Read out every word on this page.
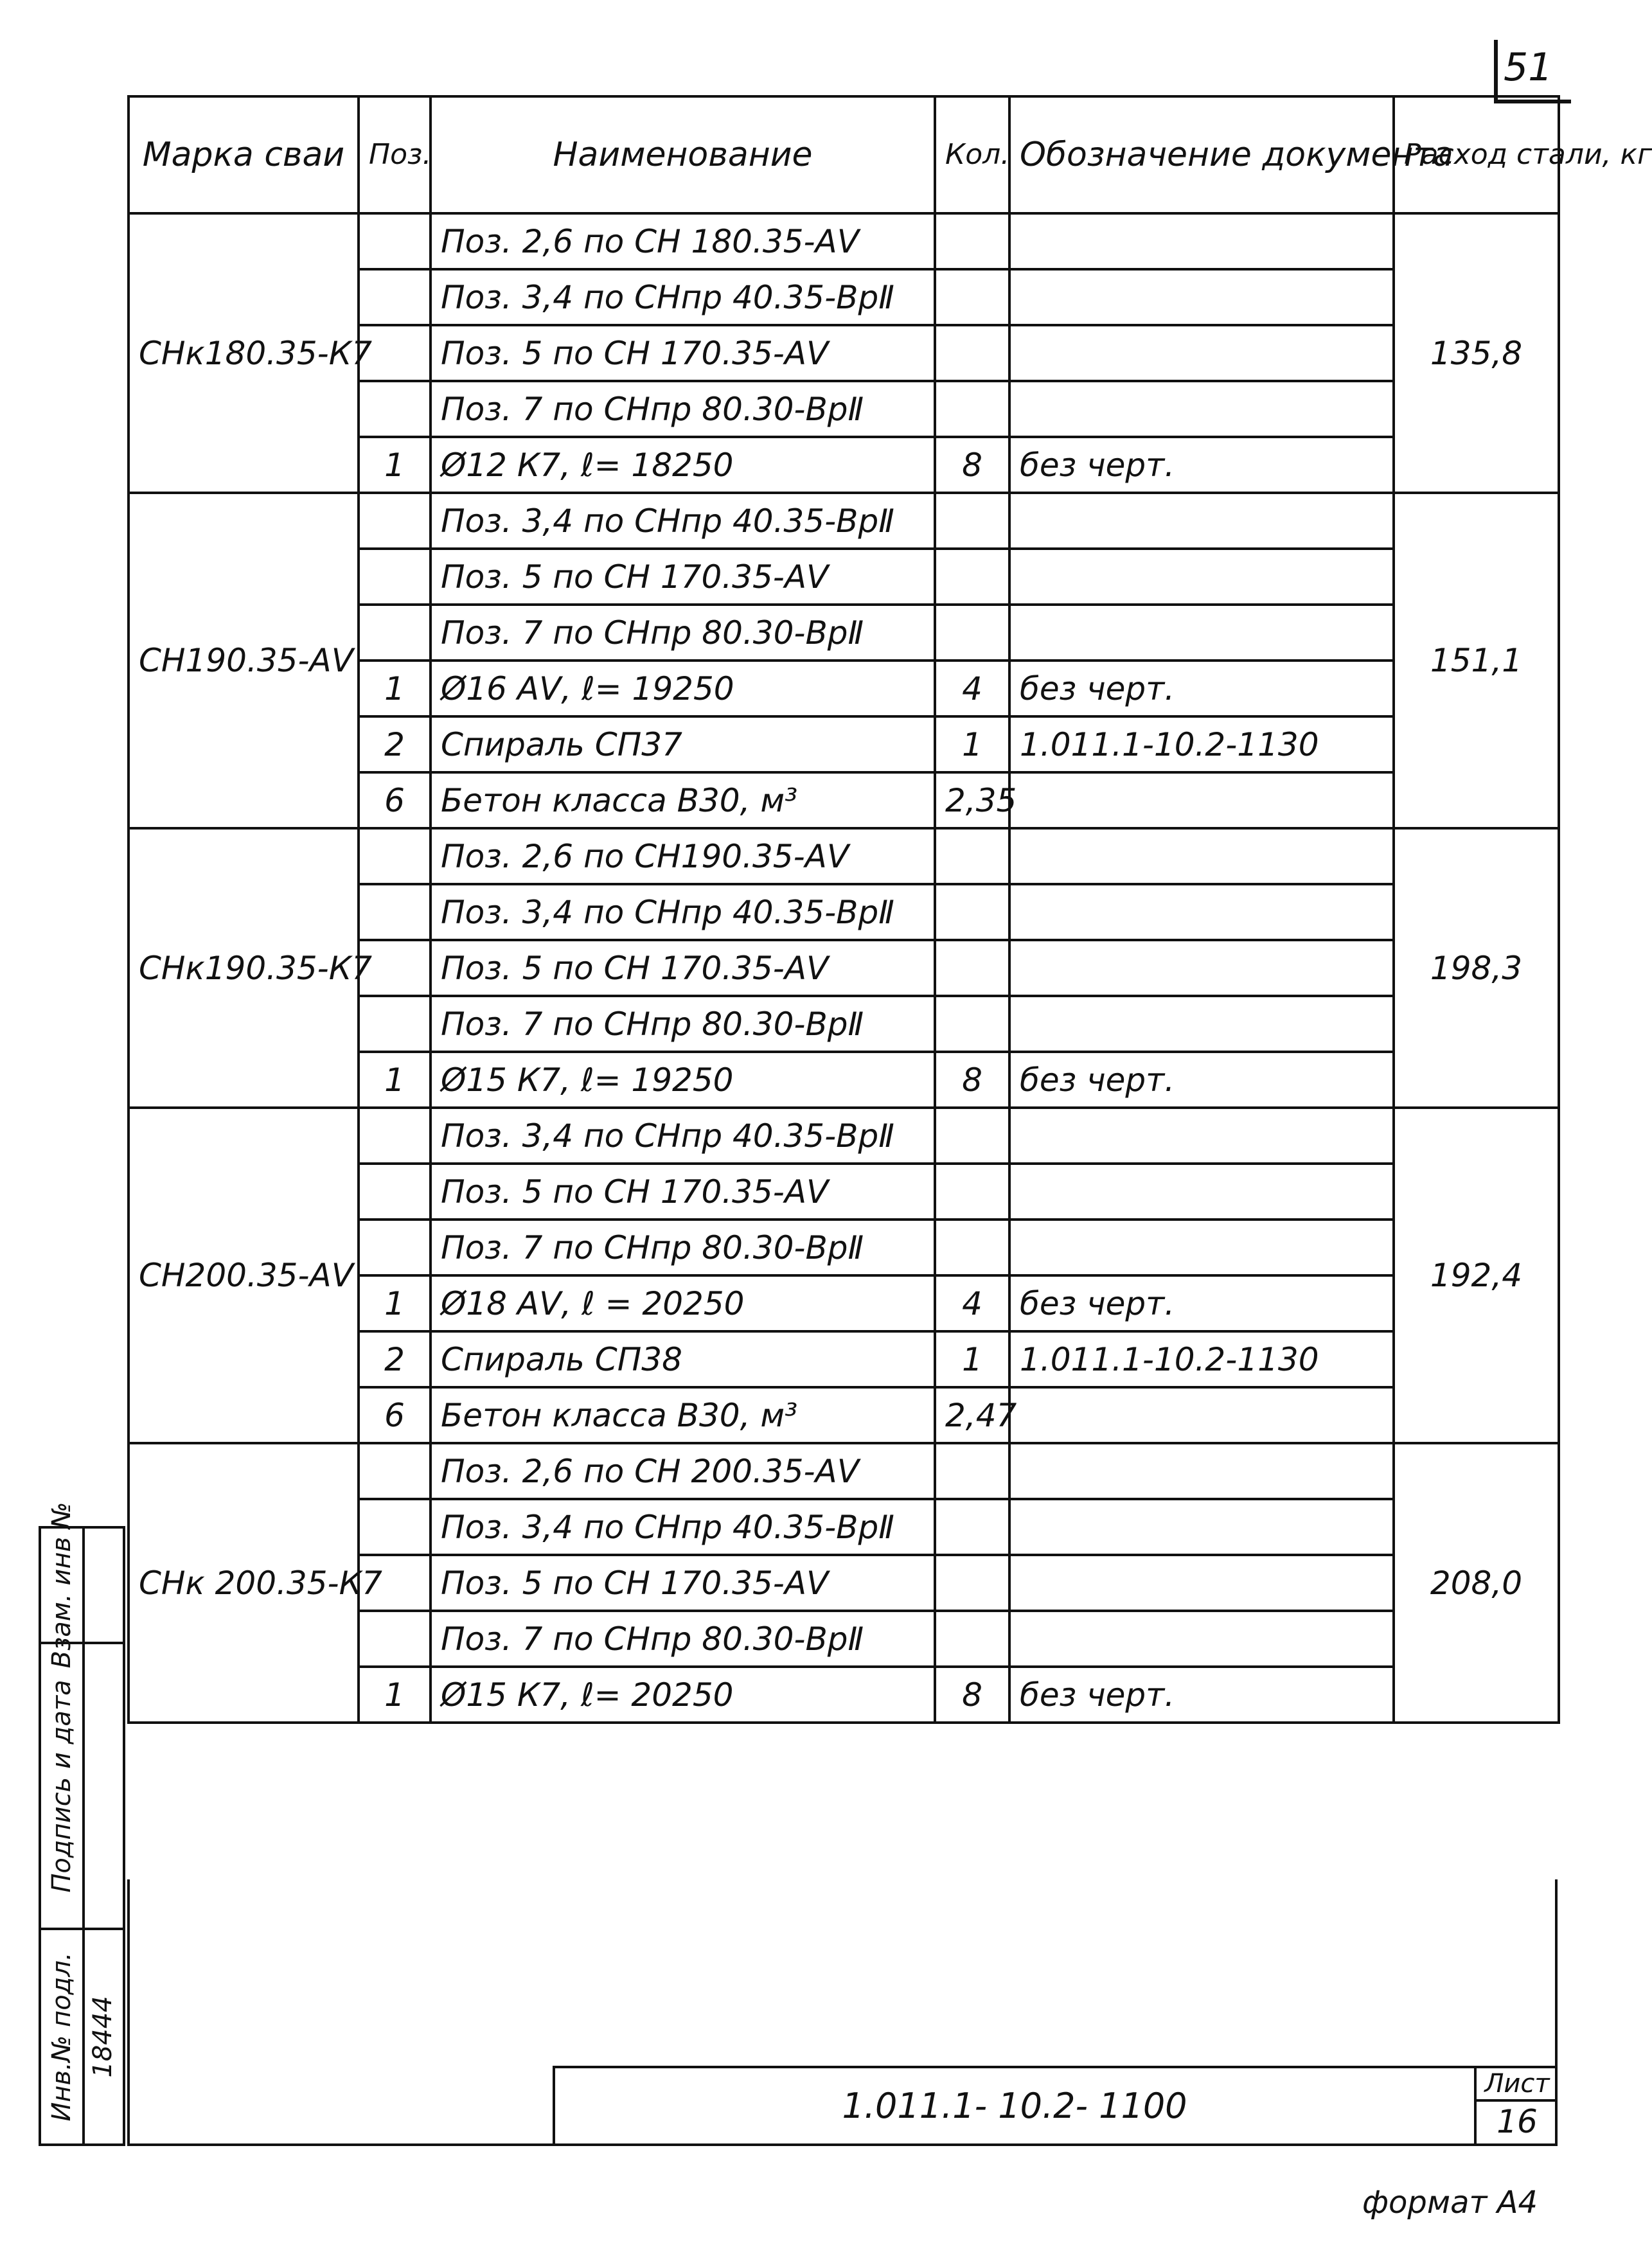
51
Марка сваи	Поз.	Наименование	Кол.	Обозначение документа	Расход стали, кг
СНк180.35-К7		Поз. 2,6 по СН 180.35-АⅤ			135,8
		Поз. 3,4 по СНпр 40.35-ВрⅡ			
		Поз. 5 по СН 170.35-АⅤ			
		Поз. 7 по СНпр 80.30-ВрⅡ			
	1	Ø12 К7, ℓ= 18250	8	без черт.	
СН190.35-АⅤ		Поз. 3,4 по СНпр 40.35-ВрⅡ			151,1
		Поз. 5 по СН 170.35-АⅤ			
		Поз. 7 по СНпр 80.30-ВрⅡ			
	1	Ø16 АⅤ, ℓ= 19250	4	без черт.	
	2	Спираль СП37	1	1.011.1-10.2-1130	
	6	Бетон класса В30, м³	2,35		
СНк190.35-К7		Поз. 2,6 по СН190.35-АⅤ			198,3
		Поз. 3,4 по СНпр 40.35-ВрⅡ			
		Поз. 5 по СН 170.35-АⅤ			
		Поз. 7 по СНпр 80.30-ВрⅡ			
	1	Ø15 К7, ℓ= 19250	8	без черт.	
СН200.35-АⅤ		Поз. 3,4 по СНпр 40.35-ВрⅡ			192,4
		Поз. 5 по СН 170.35-АⅤ			
		Поз. 7 по СНпр 80.30-ВрⅡ			
	1	Ø18 АⅤ, ℓ = 20250	4	без черт.	
	2	Спираль СП38	1	1.011.1-10.2-1130	
	6	Бетон класса В30, м³	2,47		
СНк 200.35-К7		Поз. 2,6 по СН 200.35-АⅤ			208,0
		Поз. 3,4 по СНпр 40.35-ВрⅡ			
		Поз. 5 по СН 170.35-АⅤ			
		Поз. 7 по СНпр 80.30-ВрⅡ			
	1	Ø15 К7, ℓ= 20250	8	без черт.	
1.011.1- 10.2- 1100
Лист
16
формат А4
Взам. инв №
Подпись и дата
Инв.№ подл. 18444
